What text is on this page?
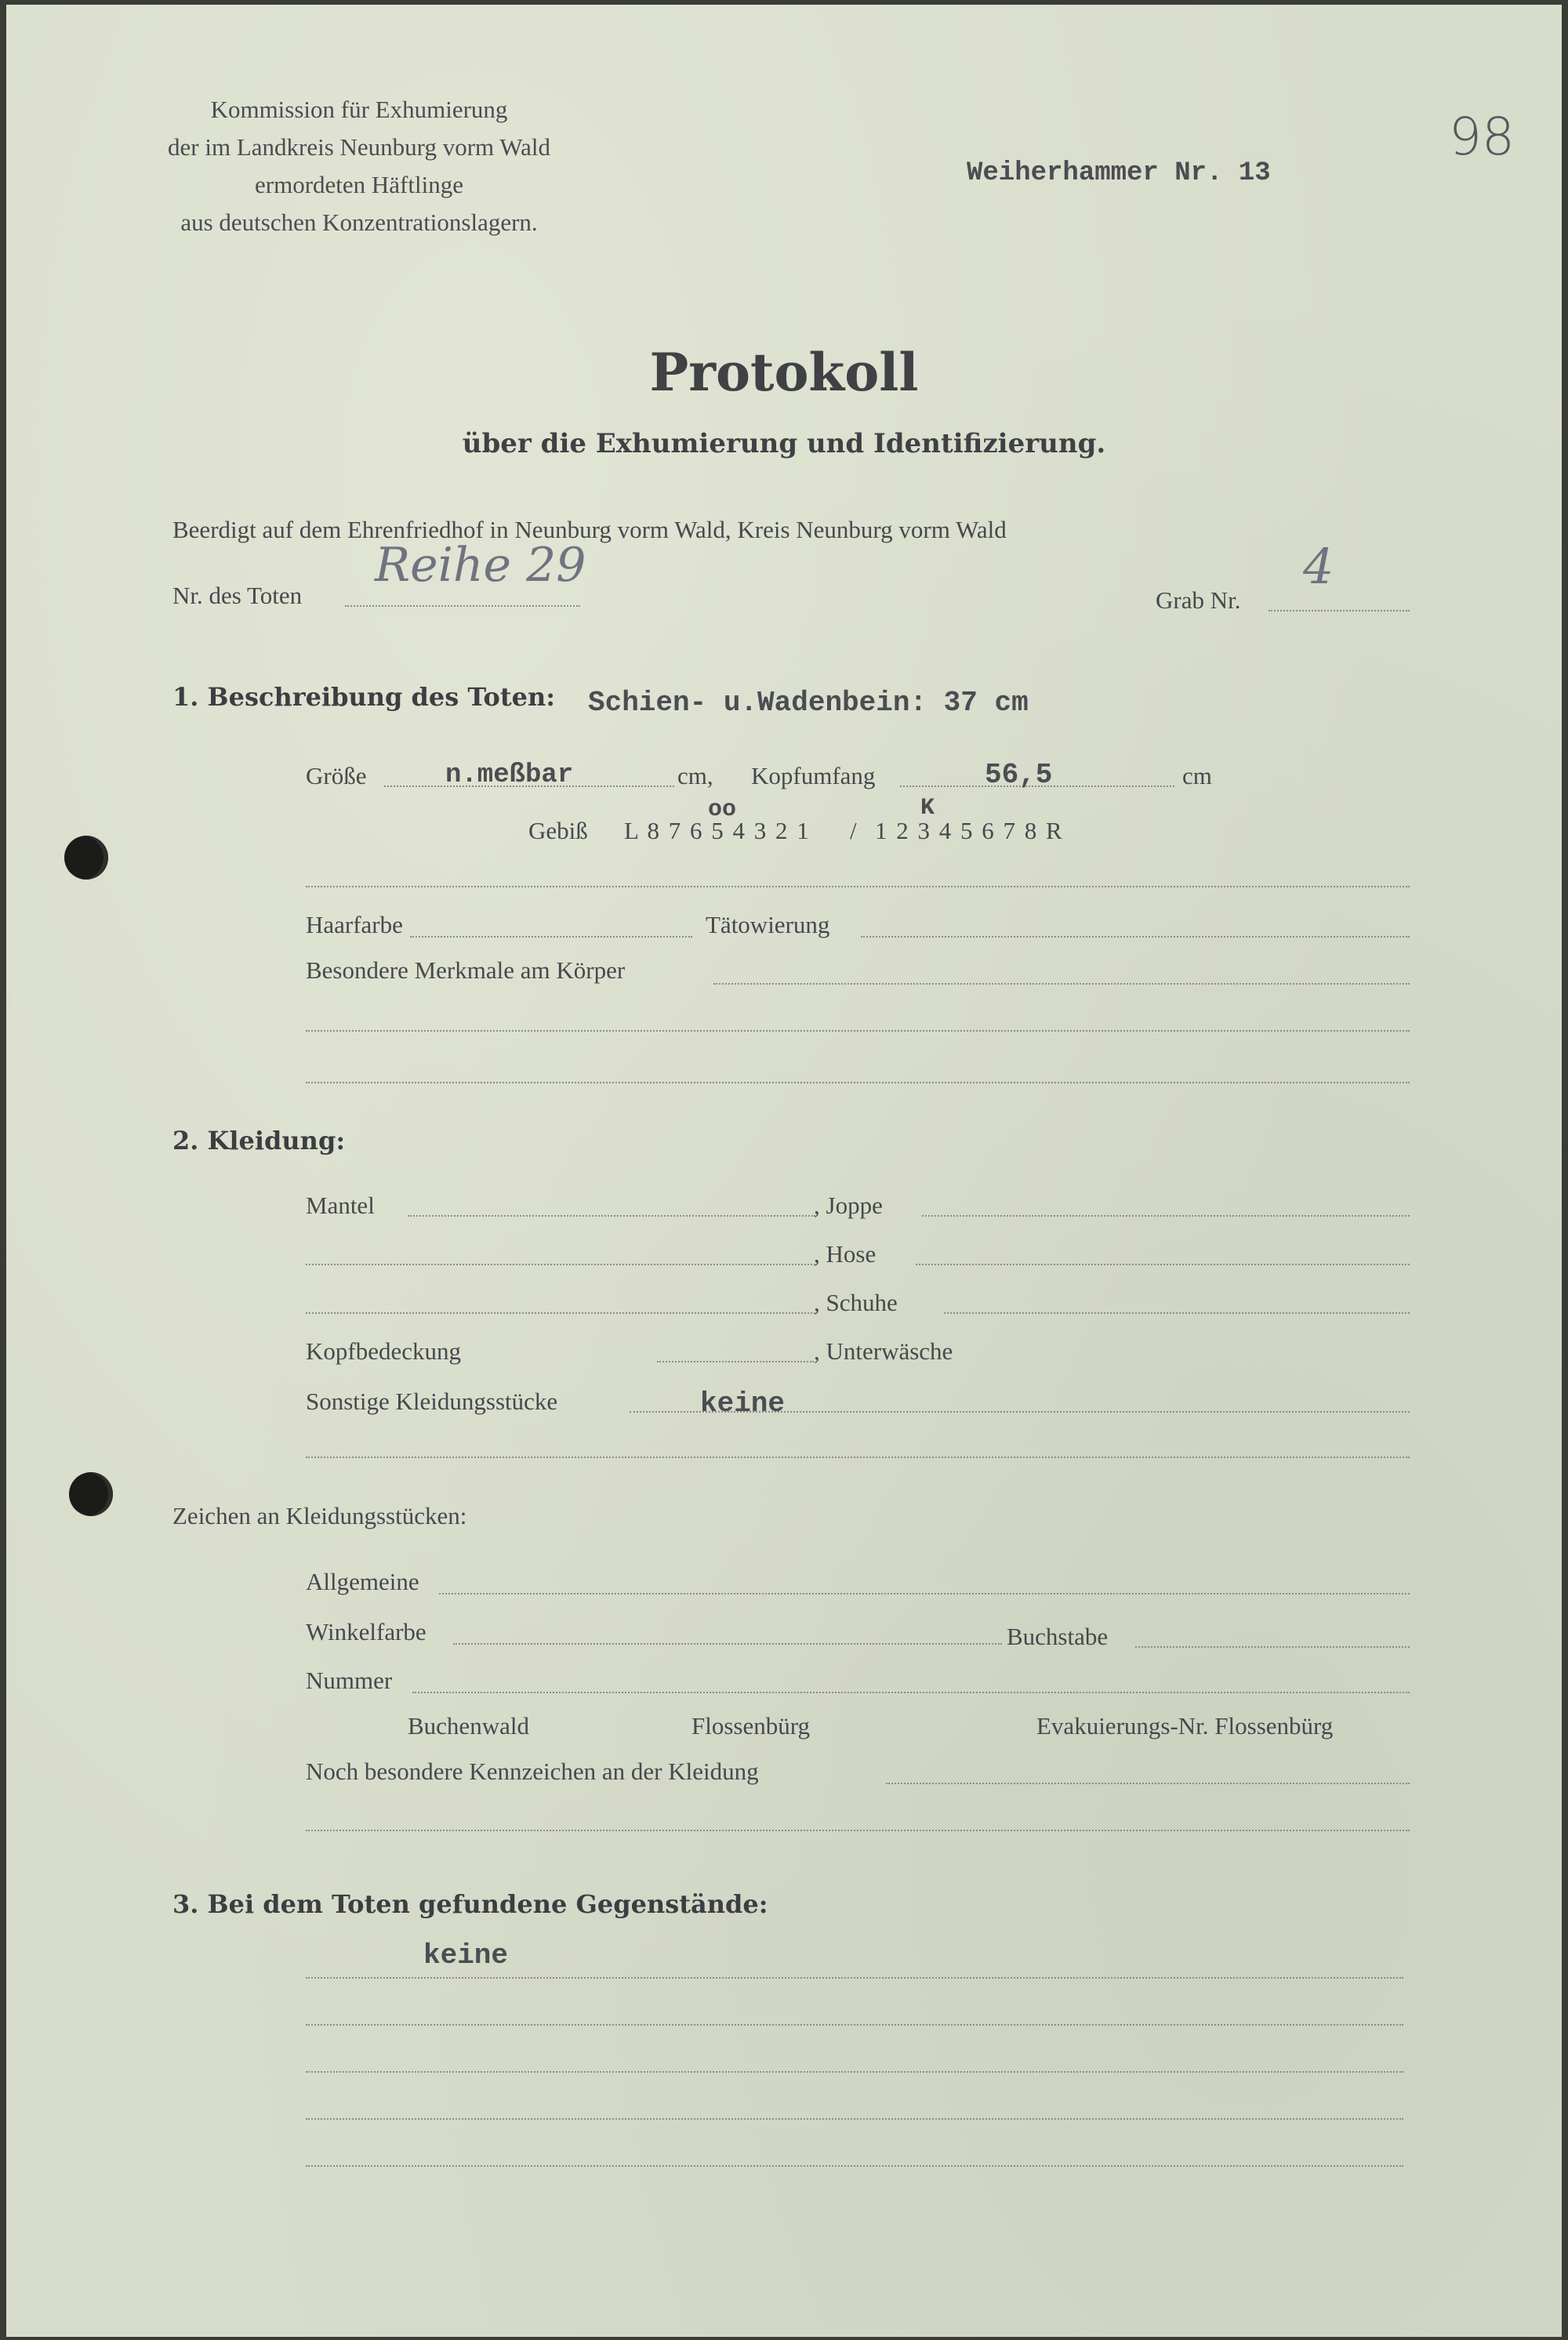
Kommission für Exhumierung
der im Landkreis Neunburg vorm Wald
ermordeten Häftlinge
aus deutschen Konzentrationslagern.
Weiherhammer Nr. 13
98
Protokoll
über die Exhumierung und Identifizierung.
Beerdigt auf dem Ehrenfriedhof in Neunburg vorm Wald, Kreis Neunburg vorm Wald
Nr. des Toten
Reihe 29
Grab Nr.
4
1. Beschreibung des Toten: Schien- u.Wadenbein: 37 cm
Größe	n.meßbar	cm, Kopfumfang	56,5	cm
Gebiß L 8 7 6 5 4 3 2 1 / 1 2 3 4 5 6 7 8 R
oo	K
Haarfarbe	Tätowierung
Besondere Merkmale am Körper
2. Kleidung:
Mantel	, Joppe
, Hose
, Schuhe
Kopfbedeckung	, Unterwäsche
Sonstige Kleidungsstücke	keine
Zeichen an Kleidungsstücken:
Allgemeine
Winkelfarbe	Buchstabe
Nummer
Buchenwald	Flossenbürg	Evakuierungs-Nr. Flossenbürg
Noch besondere Kennzeichen an der Kleidung
3. Bei dem Toten gefundene Gegenstände:
keine
